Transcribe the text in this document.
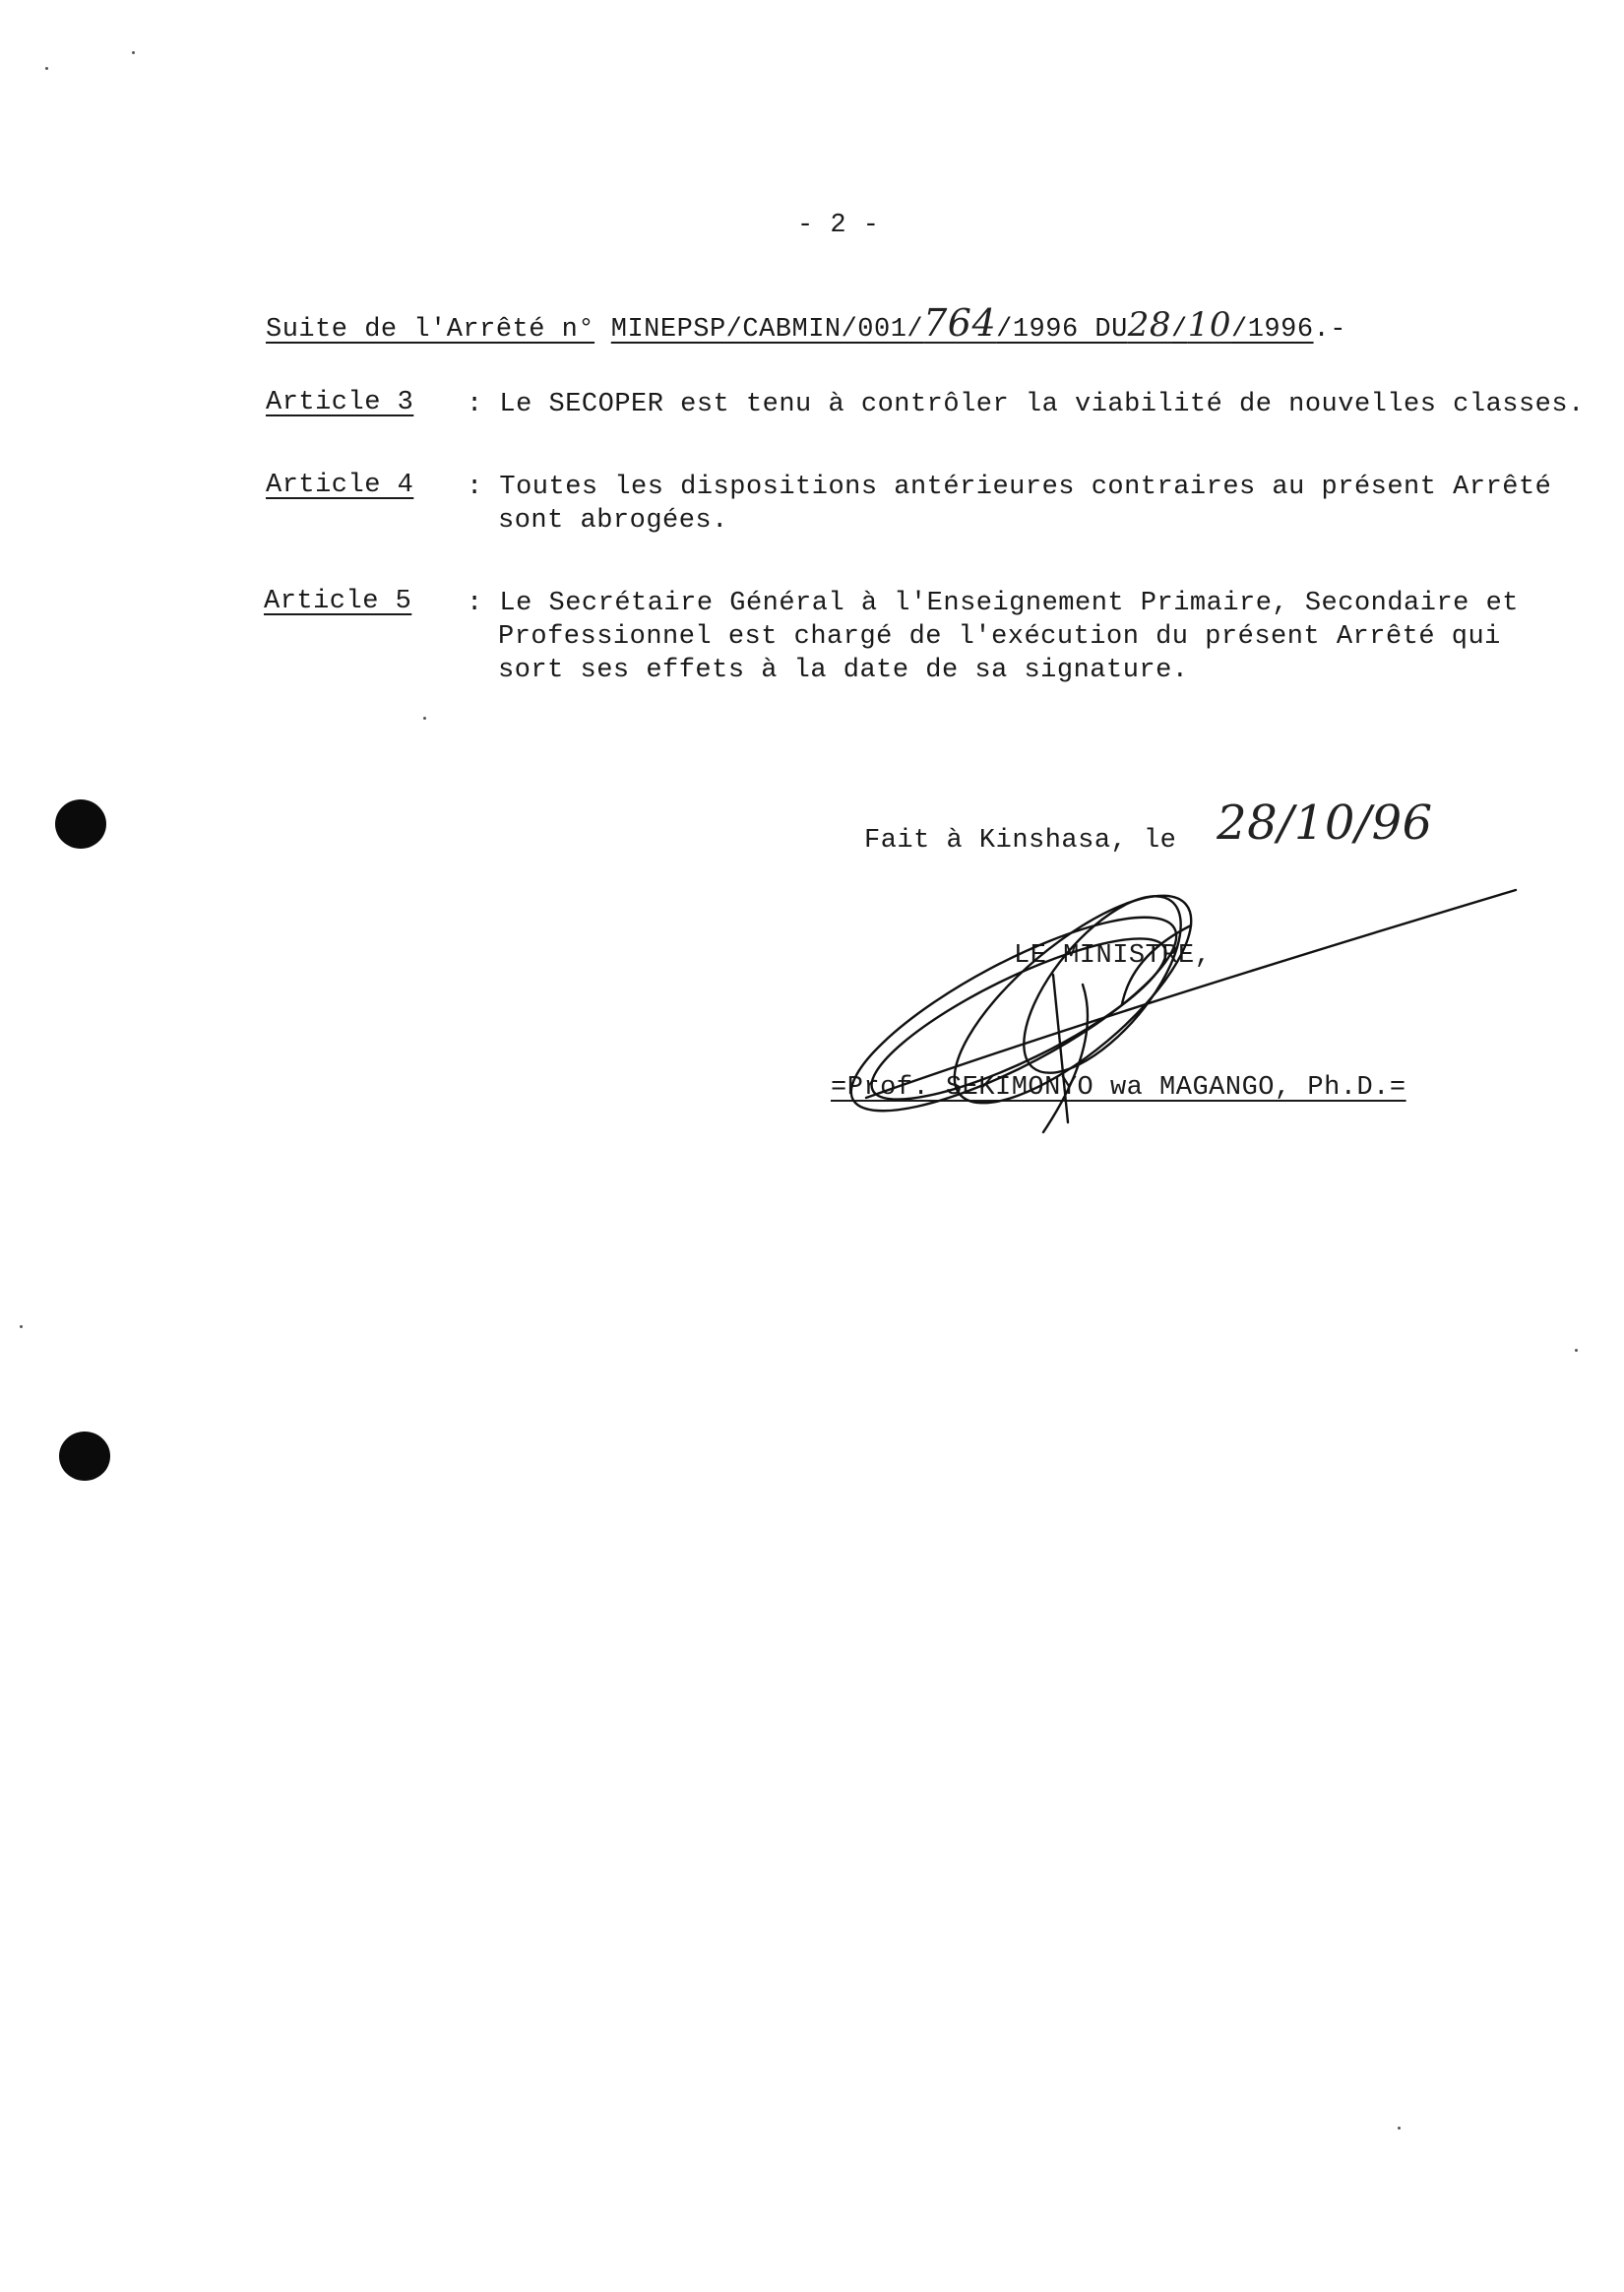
- 2 -
Suite de l'Arrêté n° MINEPSP/CABMIN/001/764/1996 DU28/10/1996.-
Article 3 : Le SECOPER est tenu à contrôler la viabilité de nouvelles classes.
Article 4 : Toutes les dispositions antérieures contraires au présent Arrêté
sont abrogées.
Article 5 : Le Secrétaire Général à l'Enseignement Primaire, Secondaire et
Professionnel est chargé de l'exécution du présent Arrêté qui
sort ses effets à la date de sa signature.
Fait à Kinshasa, le 28/10/96
LE MINISTRE,
=Prof. SEKIMONYO wa MAGANGO, Ph.D.=
